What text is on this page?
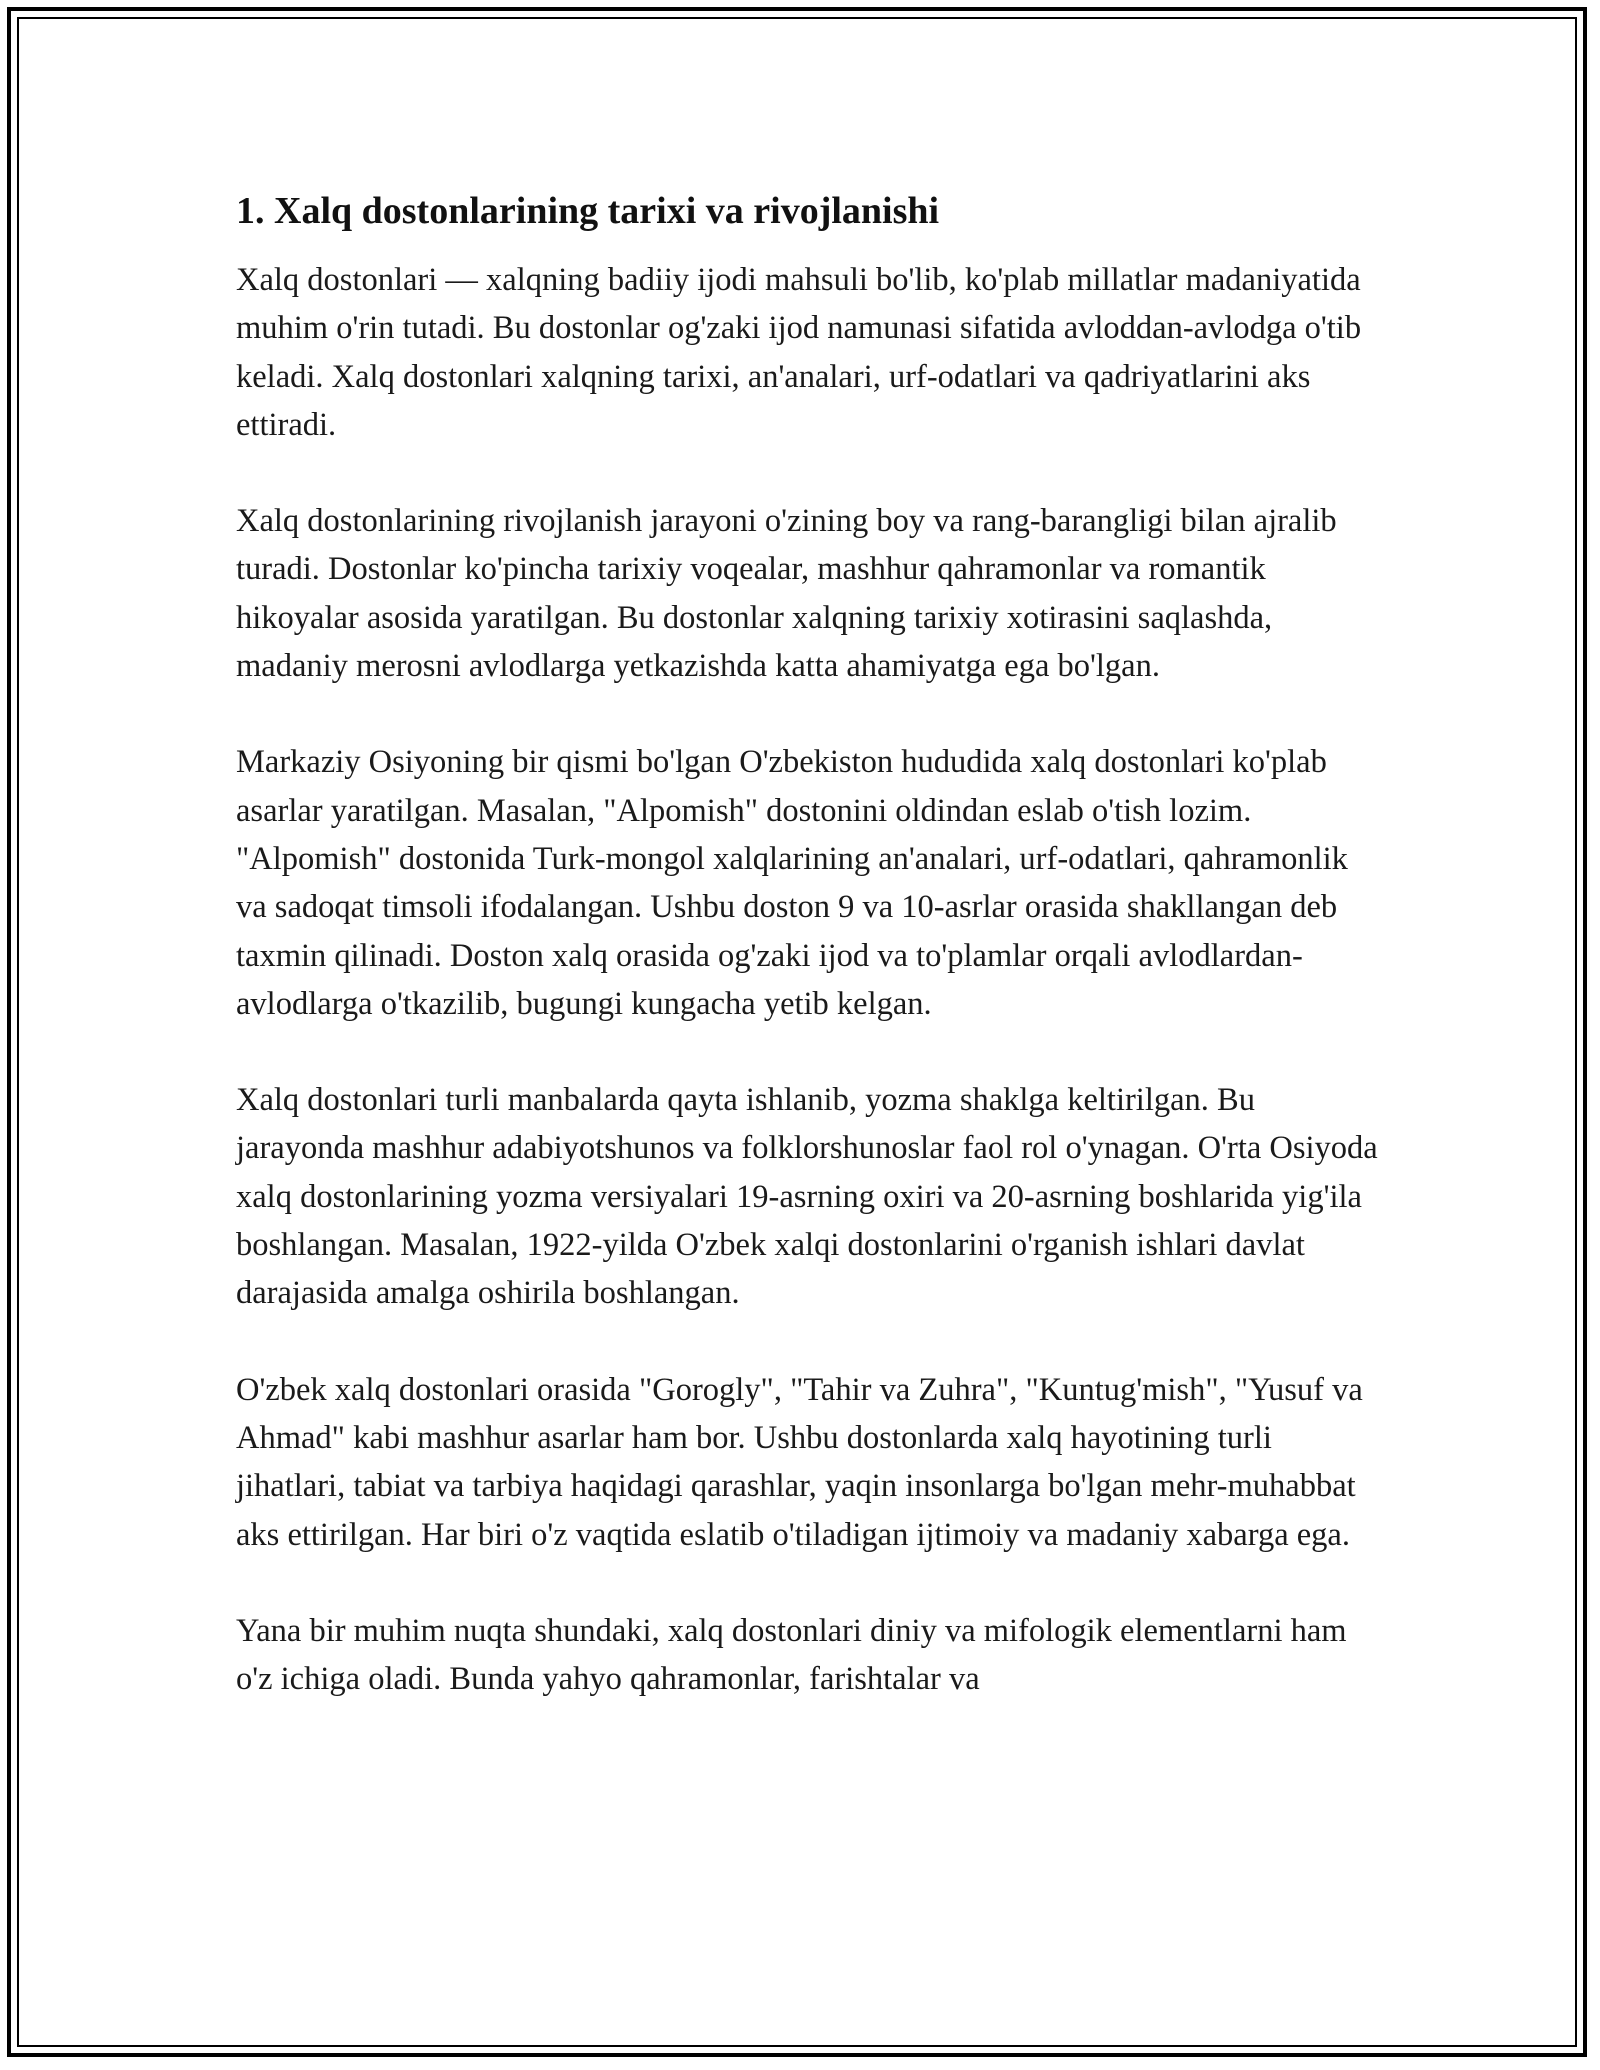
1. Xalq dostonlarining tarixi va rivojlanishi

Xalq dostonlari — xalqning badiiy ijodi mahsuli bo'lib, ko'plab millatlar madaniyatida muhim o'rin tutadi. Bu dostonlar og'zaki ijod namunasi sifatida avloddan-avlodga o'tib keladi. Xalq dostonlari xalqning tarixi, an'analari, urf-odatlari va qadriyatlarini aks ettiradi.

Xalq dostonlarining rivojlanish jarayoni o'zining boy va rang-barangligi bilan ajralib turadi. Dostonlar ko'pincha tarixiy voqealar, mashhur qahramonlar va romantik hikoyalar asosida yaratilgan. Bu dostonlar xalqning tarixiy xotirasini saqlashda, madaniy merosni avlodlarga yetkazishda katta ahamiyatga ega bo'lgan.

Markaziy Osiyoning bir qismi bo'lgan O'zbekiston hududida xalq dostonlari ko'plab asarlar yaratilgan. Masalan, "Alpomish" dostonini oldindan eslab o'tish lozim. "Alpomish" dostonida Turk-mongol xalqlarining an'analari, urf-odatlari, qahramonlik va sadoqat timsoli ifodalangan. Ushbu doston 9 va 10-asrlar orasida shakllangan deb taxmin qilinadi. Doston xalq orasida og'zaki ijod va to'plamlar orqali avlodlardan-avlodlarga o'tkazilib, bugungi kungacha yetib kelgan.

Xalq dostonlari turli manbalarda qayta ishlanib, yozma shaklga keltirilgan. Bu jarayonda mashhur adabiyotshunos va folklorshunoslar faol rol o'ynagan. O'rta Osiyoda xalq dostonlarining yozma versiyalari 19-asrning oxiri va 20-asrning boshlarida yig'ila boshlangan. Masalan, 1922-yilda O'zbek xalqi dostonlarini o'rganish ishlari davlat darajasida amalga oshirila boshlangan.

O'zbek xalq dostonlari orasida "Gorogly", "Tahir va Zuhra", "Kuntug'mish", "Yusuf va Ahmad" kabi mashhur asarlar ham bor. Ushbu dostonlarda xalq hayotining turli jihatlari, tabiat va tarbiya haqidagi qarashlar, yaqin insonlarga bo'lgan mehr-muhabbat aks ettirilgan. Har biri o'z vaqtida eslatib o'tiladigan ijtimoiy va madaniy xabarga ega.

Yana bir muhim nuqta shundaki, xalq dostonlari diniy va mifologik elementlarni ham o'z ichiga oladi. Bunda yahyo qahramonlar, farishtalar va
